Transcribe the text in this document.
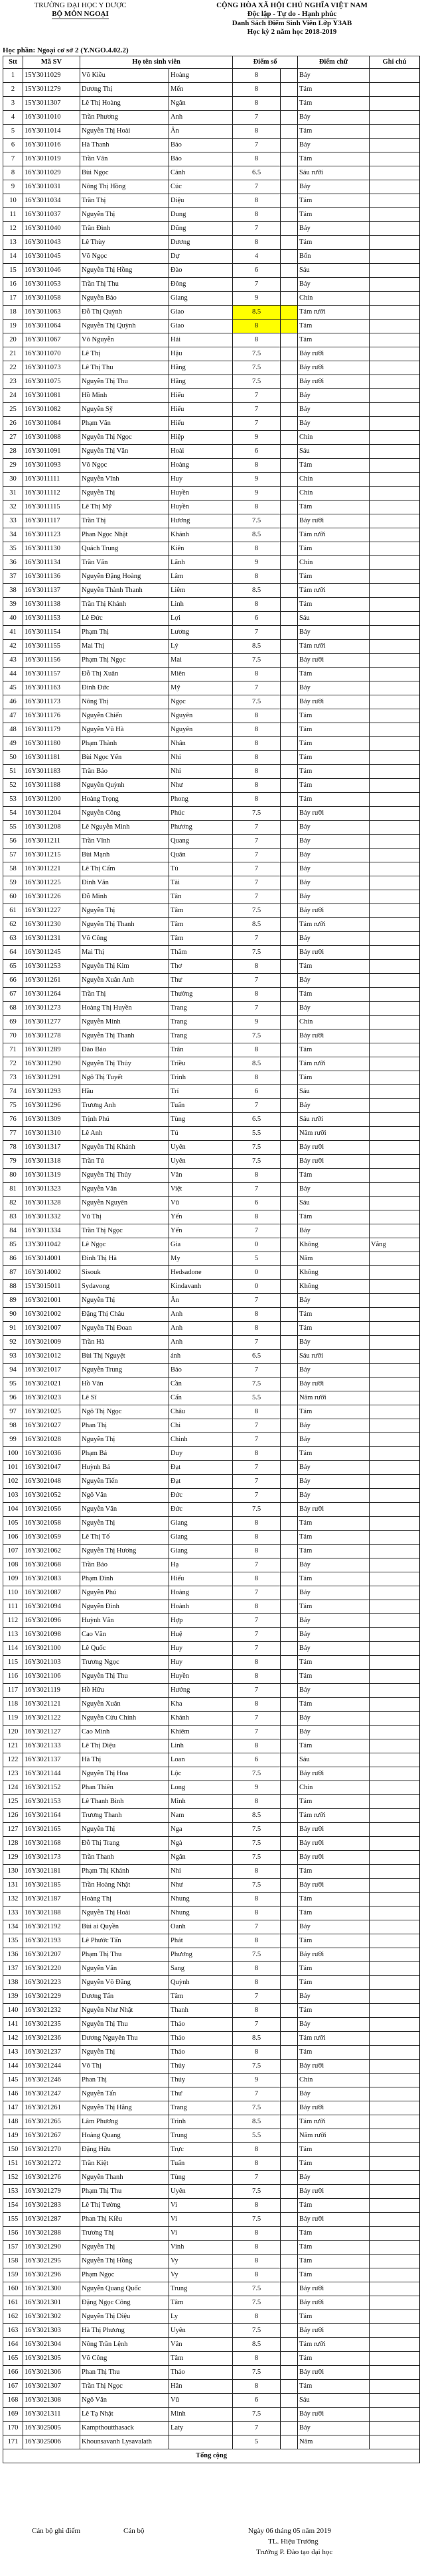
TRƯỜNG ĐẠI HỌC Y DƯỢC
BỘ MÔN NGOẠI
CỘNG HÒA XÃ HỘI CHỦ NGHĨA VIỆT NAM
Độc lập - Tự do - Hạnh phúc
Danh Sách Điểm Sinh Viên Lớp Y3AB
Học kỳ 2 năm học 2018-2019
Học phần: Ngoại cơ sở 2 (Y.NGO.4.02.2)
Stt	Mã SV	Họ tên sinh viên		Điểm số		Điểm chữ	Ghi chú
1	15Y3011029	Võ Kiều	Hoàng	8	7	Bảy	
2	15Y3011279	Dương Thị	Mến	8	8	Tám	
3	15Y3011307	Lê Thị Hoàng	Ngân	8	8	Tám	
4	16Y3011010	Trần Phương	Anh	7	7	Bảy	
5	16Y3011014	Nguyễn Thị Hoài	Ân	8	8	Tám	
6	16Y3011016	Hà Thanh	Bảo	7	7	Bảy	
7	16Y3011019	Trần Văn	Bảo	8	8	Tám	
8	16Y3011029	Bùi Ngọc	Cảnh	6.5	6.5	Sáu rưỡi	
9	16Y3011031	Nông Thị Hồng	Cúc	7	7	Bảy	
10	16Y3011034	Trần Thị	Diệu	8	8	Tám	
11	16Y3011037	Nguyễn Thị	Dung	8	8	Tám	
12	16Y3011040	Trần Đình	Dũng	7	7	Bảy	
13	16Y3011043	Lê Thùy	Dương	8	8	Tám	
14	16Y3011045	Võ Ngọc	Dự	4	4	Bốn	
15	16Y3011046	Nguyễn Thị Hồng	Đào	6	6	Sáu	
16	16Y3011053	Trần Thị Thu	Đông	7	7	Bảy	
17	16Y3011058	Nguyễn Bảo	Giang	9	9	Chín	
18	16Y3011063	Đỗ Thị Quỳnh	Giao	8.5	8.5	Tám rưỡi	
19	16Y3011064	Nguyễn Thị Quỳnh	Giao	8	8	Tám	
20	16Y3011067	Võ Nguyễn	Hải	8	8	Tám	
21	16Y3011070	Lê Thị	Hậu	7.5	7.5	Bảy rưỡi	
22	16Y3011073	Lê Thị Thu	Hằng	7.5	7.5	Bảy rưỡi	
23	16Y3011075	Nguyễn Thị Thu	Hằng	7.5	7.5	Bảy rưỡi	
24	16Y3011081	Hồ Minh	Hiếu	7	7	Bảy	
25	16Y3011082	Nguyễn Sỹ	Hiếu	7	7	Bảy	
26	16Y3011084	Phạm Văn	Hiếu	7	7	Bảy	
27	16Y3011088	Nguyễn Thị Ngọc	Hiệp	9	9	Chín	
28	16Y3011091	Nguyễn Thị Văn	Hoài	6	6	Sáu	
29	16Y3011093	Võ Ngọc	Hoàng	8	8	Tám	
30	16Y3011111	Nguyễn Vĩnh	Huy	9	9	Chín	
31	16Y3011112	Nguyễn Thị	Huyền	9	9	Chín	
32	16Y3011115	Lê Thị Mỹ	Huyền	8	8	Tám	
33	16Y3011117	Trần Thị	Hương	7.5	7.5	Bảy rưỡi	
34	16Y3011123	Phan Ngọc Nhật	Khánh	8.5	8.5	Tám rưỡi	
35	16Y3011130	Quách Trung	Kiên	8	8	Tám	
36	16Y3011134	Trần Văn	Lãnh	9	9	Chín	
37	16Y3011136	Nguyễn Đặng Hoàng	Lâm	8	8	Tám	
38	16Y3011137	Nguyễn Thành Thanh	Liêm	8.5	8.5	Tám rưỡi	
39	16Y3011138	Trần Thị Khánh	Linh	8	8	Tám	
40	16Y3011153	Lê Đức	Lợi	6	6	Sáu	
41	16Y3011154	Phạm Thị	Lương	7	7	Bảy	
42	16Y3011155	Mai Thị	Lý	8.5	8.5	Tám rưỡi	
43	16Y3011156	Phạm Thị Ngọc	Mai	7.5	7.5	Bảy rưỡi	
44	16Y3011157	Đỗ Thị Xuân	Miên	8	8	Tám	
45	16Y3011163	Đinh Đức	Mỹ	7	7	Bảy	
46	16Y3011173	Nông Thị	Ngọc	7.5	7.5	Bảy rưỡi	
47	16Y3011176	Nguyễn Chiến	Nguyên	8	8	Tám	
48	16Y3011179	Nguyễn Vũ Hà	Nguyên	8	8	Tám	
49	16Y3011180	Phạm Thành	Nhân	8	8	Tám	
50	16Y3011181	Bùi Ngọc Yến	Nhi	8	8	Tám	
51	16Y3011183	Trần Bảo	Nhi	8	8	Tám	
52	16Y3011188	Nguyễn Quỳnh	Như	8	8	Tám	
53	16Y3011200	Hoàng Trọng	Phong	8	8	Tám	
54	16Y3011204	Nguyễn Công	Phúc	7.5	7.5	Bảy rưỡi	
55	16Y3011208	Lê Nguyễn Minh	Phương	7	7	Bảy	
56	16Y3011211	Trần Vĩnh	Quang	7	7	Bảy	
57	16Y3011215	Bùi Mạnh	Quân	7	7	Bảy	
58	16Y3011221	Lê Thị Cẩm	Tú	7	7	Bảy	
59	16Y3011225	Đinh Văn	Tài	7	7	Bảy	
60	16Y3011226	Đỗ Minh	Tân	7	7	Bảy	
61	16Y3011227	Nguyễn Thị	Tâm	7.5	7.5	Bảy rưỡi	
62	16Y3011230	Nguyễn Thị Thanh	Tâm	8.5	8.5	Tám rưỡi	
63	16Y3011231	Võ Công	Tâm	7	7	Bảy	
64	16Y3011245	Mai Thị	Thắm	7.5	7.5	Bảy rưỡi	
65	16Y3011253	Nguyễn Thị Kim	Thơ	8	8	Tám	
66	16Y3011261	Nguyễn Xuân Anh	Thư	7	7	Bảy	
67	16Y3011264	Trần Thị	Thường	8	8	Tám	
68	16Y3011273	Hoàng Thị Huyền	Trang	7	7	Bảy	
69	16Y3011277	Nguyễn Minh	Trang	9	9	Chín	
70	16Y3011278	Nguyễn Thị Thanh	Trang	7.5	7.5	Bảy rưỡi	
71	16Y3011289	Đào Bảo	Trân	8	8	Tám	
72	16Y3011290	Nguyễn Thị Thủy	Triều	8.5	8.5	Tám rưỡi	
73	16Y3011291	Ngô Thị Tuyết	Trinh	8	8	Tám	
74	16Y3011293	Hầu	Trí	6	6	Sáu	
75	16Y3011296	Trương Anh	Tuấn	7	7	Bảy	
76	16Y3011309	Trịnh Phú	Tùng	6.5	6.5	Sáu rưỡi	
77	16Y3011310	Lê Anh	Tú	5.5	5.5	Năm rưỡi	
78	16Y3011317	Nguyễn Thị Khánh	Uyên	7.5	7.5	Bảy rưỡi	
79	16Y3011318	Trần Tú	Uyên	7.5	7.5	Bảy rưỡi	
80	16Y3011319	Nguyễn Thị Thủy	Vân	8	8	Tám	
81	16Y3011323	Nguyễn Văn	Việt	7	7	Bảy	
82	16Y3011328	Nguyễn Nguyên	Vũ	6	6	Sáu	
83	16Y3011332	Vũ Thị	Yến	8	8	Tám	
84	16Y3011334	Trần Thị Ngọc	Yến	7	7	Bảy	
85	13Y3011042	Lê Ngọc	Gia	0	0	Không	Vắng
86	16Y3014001	Đinh Thị Hà	My	5	5	Năm	
87	16Y3014002	Sisouk	Hedsadone	0	0	Không	
88	15Y3015011	Sydavong	Kindavanh	0	0	Không	
89	16Y3021001	Nguyễn Thị	Ân	7	7	Bảy	
90	16Y3021002	Đặng Thị Châu	Anh	8	8	Tám	
91	16Y3021007	Nguyễn Thị Đoan	Anh	8	8	Tám	
92	16Y3021009	Trần Hà	Anh	7	7	Bảy	
93	16Y3021012	Bùi Thị Nguyệt	ánh	6.5	6.5	Sáu rưỡi	
94	16Y3021017	Nguyễn Trung	Bảo	7	7	Bảy	
95	16Y3021021	Hồ Văn	Cần	7.5	7.5	Bảy rưỡi	
96	16Y3021023	Lê Sĩ	Cẩn	5.5	5.5	Năm rưỡi	
97	16Y3021025	Ngô Thị Ngọc	Châu	8	8	Tám	
98	16Y3021027	Phan Thị	Chi	7	7	Bảy	
99	16Y3021028	Nguyễn Thị	Chinh	7	7	Bảy	
100	16Y3021036	Phạm Bá	Duy	8	8	Tám	
101	16Y3021047	Huỳnh Bá	Đạt	7	7	Bảy	
102	16Y3021048	Nguyễn Tiến	Đạt	7	7	Bảy	
103	16Y3021052	Ngô Văn	Đức	7	7	Bảy	
104	16Y3021056	Nguyễn Văn	Đức	7.5	7.5	Bảy rưỡi	
105	16Y3021058	Nguyễn Thị	Giang	8	8	Tám	
106	16Y3021059	Lê Thị Tố	Giang	8	8	Tám	
107	16Y3021062	Nguyễn Thị Hương	Giang	8	8	Tám	
108	16Y3021068	Trần Bảo	Hạ	7	7	Bảy	
109	16Y3021083	Phạm Đình	Hiếu	8	8	Tám	
110	16Y3021087	Nguyễn Phú	Hoàng	7	7	Bảy	
111	16Y3021094	Nguyễn Đình	Hoành	8	8	Tám	
112	16Y3021096	Huỳnh Văn	Hợp	7	7	Bảy	
113	16Y3021098	Cao Văn	Huệ	7	7	Bảy	
114	16Y3021100	Lê Quốc	Huy	7	7	Bảy	
115	16Y3021103	Trương Ngọc	Huy	8	8	Tám	
116	16Y3021106	Nguyễn Thị Thu	Huyền	8	8	Tám	
117	16Y3021119	Hồ Hữu	Hướng	7	7	Bảy	
118	16Y3021121	Nguyễn Xuân	Kha	8	8	Tám	
119	16Y3021122	Nguyễn Cửu Chính	Khánh	7	7	Bảy	
120	16Y3021127	Cao Minh	Khiêm	7	7	Bảy	
121	16Y3021133	Lê Thị Diệu	Linh	8	8	Tám	
122	16Y3021137	Hà Thị	Loan	6	6	Sáu	
123	16Y3021144	Nguyễn Thị Hoa	Lộc	7.5	7.5	Bảy rưỡi	
124	16Y3021152	Phan Thiên	Long	9	9	Chín	
125	16Y3021153	Lê Thanh Bình	Minh	8	8	Tám	
126	16Y3021164	Trương Thanh	Nam	8.5	8.5	Tám rưỡi	
127	16Y3021165	Nguyễn Thị	Nga	7.5	7.5	Bảy rưỡi	
128	16Y3021168	Đỗ Thị Trang	Ngà	7.5	7.5	Bảy rưỡi	
129	16Y3021173	Trần Thanh	Ngân	7.5	7.5	Bảy rưỡi	
130	16Y3021181	Phạm Thị Khánh	Nhi	8	8	Tám	
131	16Y3021185	Trần Hoàng Nhật	Như	7.5	7.5	Bảy rưỡi	
132	16Y3021187	Hoàng Thị	Nhung	8	8	Tám	
133	16Y3021188	Nguyễn Thị Hoài	Nhung	8	8	Tám	
134	16Y3021192	Bùi ai Quyền	Oanh	7	7	Bảy	
135	16Y3021193	Lê Phước Tấn	Phát	8	8	Tám	
136	16Y3021207	Phạm Thị Thu	Phương	7.5	7.5	Bảy rưỡi	
137	16Y3021220	Nguyễn Văn	Sang	8	8	Tám	
138	16Y3021223	Nguyễn Võ Đăng	Quỳnh	8	8	Tám	
139	16Y3021229	Dương Tấn	Tâm	7	7	Bảy	
140	16Y3021232	Nguyễn Như Nhật	Thanh	8	8	Tám	
141	16Y3021235	Nguyễn Thị Thu	Thảo	7	7	Bảy	
142	16Y3021236	Dương Nguyên Thu	Thảo	8.5	8.5	Tám rưỡi	
143	16Y3021237	Nguyễn Thị	Thảo	8	8	Tám	
144	16Y3021244	Võ Thị	Thủy	7.5	7.5	Bảy rưỡi	
145	16Y3021246	Phan Thị	Thúy	9	9	Chín	
146	16Y3021247	Nguyễn Tấn	Thư	7	7	Bảy	
147	16Y3021261	Nguyễn Thị Hằng	Trang	7.5	7.5	Bảy rưỡi	
148	16Y3021265	Lâm Phương	Trinh	8.5	8.5	Tám rưỡi	
149	16Y3021267	Hoàng Quang	Trung	5.5	5.5	Năm rưỡi	
150	16Y3021270	Đặng Hữu	Trực	8	8	Tám	
151	16Y3021272	Trần Kiệt	Tuấn	8	8	Tám	
152	16Y3021276	Nguyễn Thanh	Tùng	7	7	Bảy	
153	16Y3021279	Phạm Thị Thu	Uyên	7.5	7.5	Bảy rưỡi	
154	16Y3021283	Lê Thị Tường	Vi	8	8	Tám	
155	16Y3021287	Phan Thị Kiều	Vi	7.5	7.5	Bảy rưỡi	
156	16Y3021288	Trương Thị	Vi	8	8	Tám	
157	16Y3021290	Nguyễn Thị	Vinh	8	8	Tám	
158	16Y3021295	Nguyễn Thị Hồng	Vy	8	8	Tám	
159	16Y3021296	Phạm Ngọc	Vy	8	8	Tám	
160	16Y3021300	Nguyễn Quang Quốc	Trung	7.5	7.5	Bảy rưỡi	
161	16Y3021301	Đặng Ngọc Công	Tâm	7.5	7.5	Bảy rưỡi	
162	16Y3021302	Nguyễn Thị Diệu	Ly	8	8	Tám	
163	16Y3021303	Hà Thị Phương	Uyên	7.5	7.5	Bảy rưỡi	
164	16Y3021304	Nông Trần Lệnh	Vân	8.5	8.5	Tám rưỡi	
165	16Y3021305	Võ Công	Tâm	8	8	Tám	
166	16Y3021306	Phan Thị Thu	Thảo	7.5	7.5	Bảy rưỡi	
167	16Y3021307	Trần Thị Ngọc	Hân	8	8	Tám	
168	16Y3021308	Ngô Văn	Vũ	6	6	Sáu	
169	16Y3021311	Lê Tạ Nhật	Minh	7.5	7.5	Bảy rưỡi	
170	16Y3025005	Kampthoutthasack	Laty	7	7	Bảy	
171	16Y3025006	Khounsavanh Lysavalath		5	5	Năm	
Tổng cộng							
Cán bộ ghi điểm	Cán bộ	Ngày 06 tháng 05 năm 2019
TL. Hiệu Trưởng
Trưởng P. Đào tạo đại học
